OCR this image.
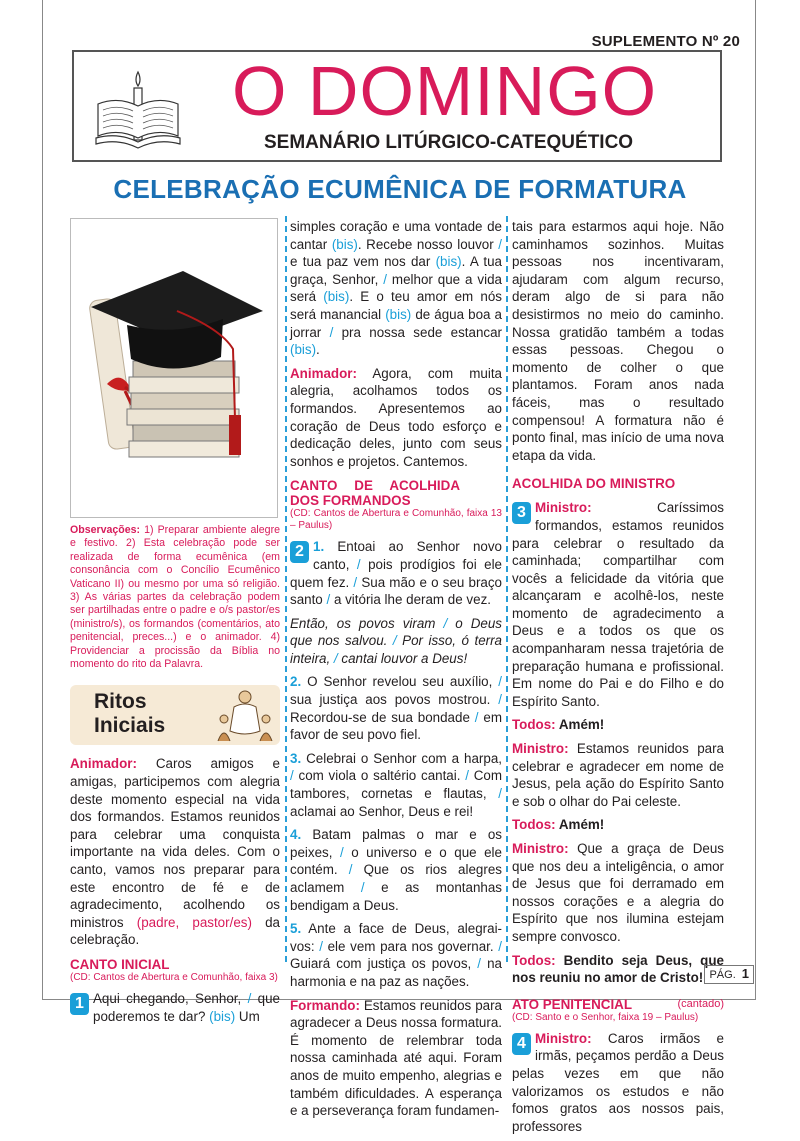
SUPLEMENTO Nº 20
O DOMINGO
SEMANÁRIO LITÚRGICO-CATEQUÉTICO
CELEBRAÇÃO ECUMÊNICA DE FORMATURA
Observações: 1) Preparar ambiente alegre e festivo. 2) Esta celebração pode ser realizada de forma ecumênica (em consonância com o Concílio Ecumênico Vaticano II) ou mesmo por uma só religião. 3) As várias partes da celebração podem ser partilhadas entre o padre e o/s pastor/es (ministro/s), os formandos (comentários, ato penitencial, preces...) e o animador. 4) Providenciar a procissão da Bíblia no momento do rito da Palavra.
Ritos Iniciais

Animador: Caros amigos e amigas, participemos com alegria deste momento especial na vida dos formandos. Estamos reunidos para celebrar uma conquista importante na vida deles. Com o canto, vamos nos preparar para este encontro de fé e de agradecimento, acolhendo os ministros (padre, pastor/es) da celebração.

CANTO INICIAL
(CD: Cantos de Abertura e Comunhão, faixa 3)

1 Aqui chegando, Senhor, / que poderemos te dar? (bis) Um

simples coração e uma vontade de cantar (bis). Recebe nosso louvor / e tua paz vem nos dar (bis). A tua graça, Senhor, / melhor que a vida será (bis). E o teu amor em nós será manancial (bis) de água boa a jorrar / pra nossa sede estancar (bis).

Animador: Agora, com muita alegria, acolhamos todos os formandos. Apresentemos ao coração de Deus todo esforço e dedicação deles, junto com seus sonhos e projetos. Cantemos.

CANTO DE ACOLHIDA DOS FORMANDOS
(CD: Cantos de Abertura e Comunhão, faixa 13 – Paulus)

2 1. Entoai ao Senhor novo canto, / pois prodígios foi ele quem fez. / Sua mão e o seu braço santo / a vitória lhe deram de vez.

Então, os povos viram / o Deus que nos salvou. / Por isso, ó terra inteira, / cantai louvor a Deus!

2. O Senhor revelou seu auxílio, / sua justiça aos povos mostrou. / Recordou-se de sua bondade / em favor de seu povo fiel.

3. Celebrai o Senhor com a harpa, / com viola o saltério cantai. / Com tambores, cornetas e flautas, / aclamai ao Senhor, Deus e rei!

4. Batam palmas o mar e os peixes, / o universo e o que ele contém. / Que os rios alegres aclamem / e as montanhas bendigam a Deus.

5. Ante a face de Deus, alegrai-vos: / ele vem para nos governar. / Guiará com justiça os povos, / na harmonia e na paz as nações.

Formando: Estamos reunidos para agradecer a Deus nossa formatura. É momento de relembrar toda nossa caminhada até aqui. Foram anos de muito empenho, alegrias e também dificuldades. A esperança e a perseverança foram fundamen-

tais para estarmos aqui hoje. Não caminhamos sozinhos. Muitas pessoas nos incentivaram, ajudaram com algum recurso, deram algo de si para não desistirmos no meio do caminho. Nossa gratidão também a todas essas pessoas. Chegou o momento de colher o que plantamos. Foram anos nada fáceis, mas o resultado compensou! A formatura não é ponto final, mas início de uma nova etapa da vida.

ACOLHIDA DO MINISTRO

3 Ministro: Caríssimos formandos, estamos reunidos para celebrar o resultado da caminhada; compartilhar com vocês a felicidade da vitória que alcançaram e acolhê-los, neste momento de agradecimento a Deus e a todos os que os acompanharam nessa trajetória de preparação humana e profissional. Em nome do Pai e do Filho e do Espírito Santo.

Todos: Amém!

Ministro: Estamos reunidos para celebrar e agradecer em nome de Jesus, pela ação do Espírito Santo e sob o olhar do Pai celeste.

Todos: Amém!

Ministro: Que a graça de Deus que nos deu a inteligência, o amor de Jesus que foi derramado em nossos corações e a alegria do Espírito que nos ilumina estejam sempre convosco.

Todos: Bendito seja Deus, que nos reuniu no amor de Cristo!

ATO PENITENCIAL	(cantado)
(CD: Santo e o Senhor, faixa 19 – Paulus)

4 Ministro: Caros irmãos e irmãs, peçamos perdão a Deus pelas vezes em que não valorizamos os estudos e não fomos gratos aos nossos pais, professores

PÁG. 1
